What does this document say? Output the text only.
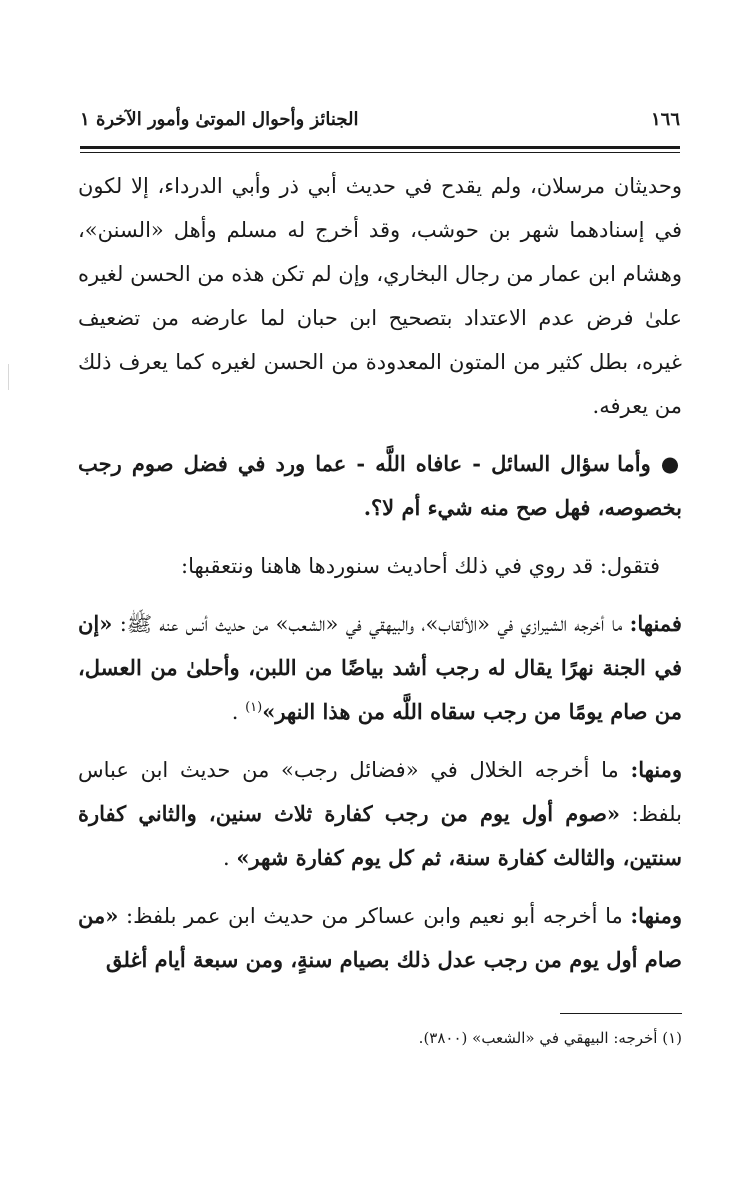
١٦٦
الجنائز وأحوال الموتىٰ وأمور الآخرة ١

وحديثان مرسلان، ولم يقدح في حديث أبي ذر وأبي الدرداء، إلا لكون في إسنادهما شهر بن حوشب، وقد أخرج له مسلم وأهل «السنن»، وهشام ابن عمار من رجال البخاري، وإن لم تكن هذه من الحسن لغيره علىٰ فرض عدم الاعتداد بتصحيح ابن حبان لما عارضه من تضعيف غيره، بطل كثير من المتون المعدودة من الحسن لغيره كما يعرف ذلك من يعرفه.

● وأما سؤال السائل - عافاه اللَّه - عما ورد في فضل صوم رجب بخصوصه، فهل صح منه شيء أم لا؟.

فتقول: قد روي في ذلك أحاديث سنوردها هاهنا ونتعقبها:

فمنها: ما أخرجه الشيرازي في «الألقاب»، والبيهقي في «الشعب» من حديث أنس عنه ﷺ: «إن في الجنة نهرًا يقال له رجب أشد بياضًا من اللبن، وأحلىٰ من العسل، من صام يومًا من رجب سقاه اللَّه من هذا النهر»$^{(١)}$ .

ومنها: ما أخرجه الخلال في «فضائل رجب» من حديث ابن عباس بلفظ: «صوم أول يوم من رجب كفارة ثلاث سنين، والثاني كفارة سنتين، والثالث كفارة سنة، ثم كل يوم كفارة شهر» .

ومنها: ما أخرجه أبو نعيم وابن عساكر من حديث ابن عمر بلفظ: «من صام أول يوم من رجب عدل ذلك بصيام سنةٍ، ومن سبعة أيام أغلق

(١) أخرجه: البيهقي في «الشعب» (٣٨٠٠).
